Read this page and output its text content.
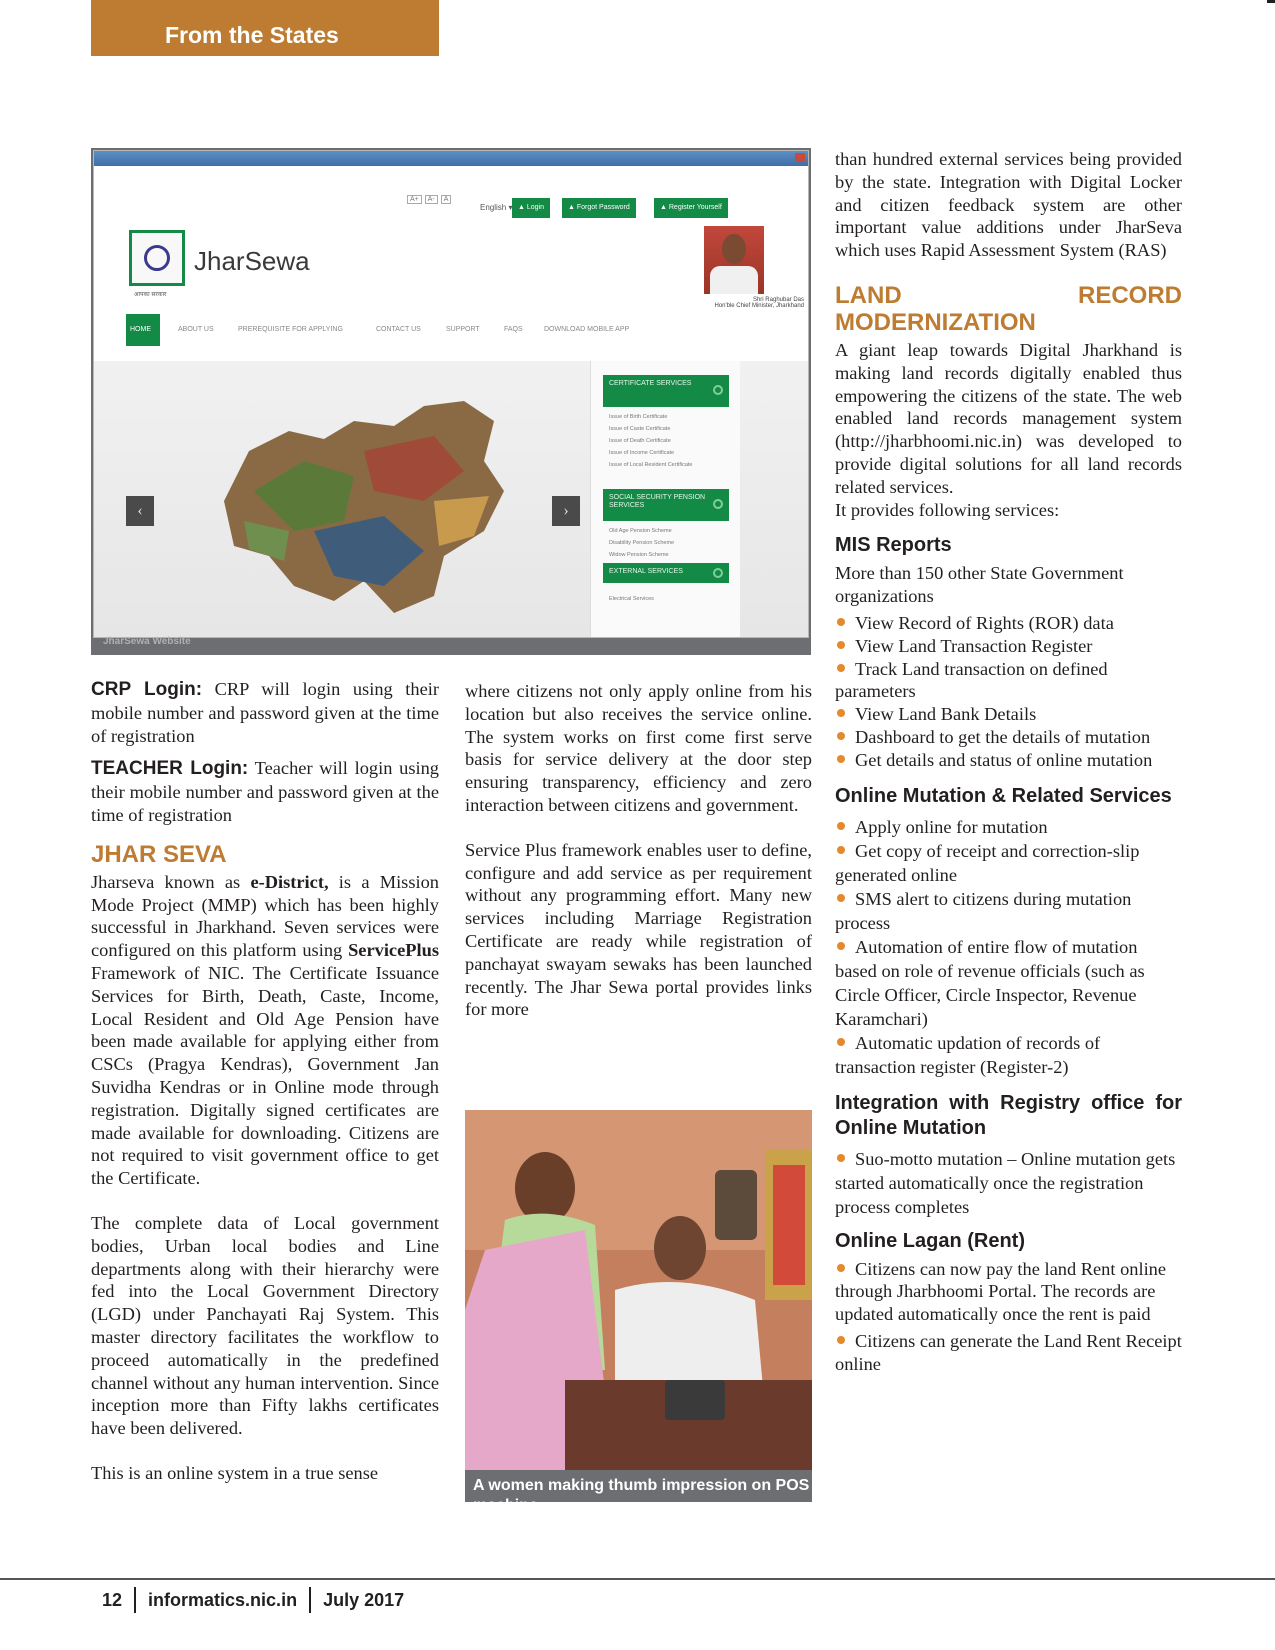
From the States
A+ A- A
English ▾ ▲ Login	▲ Forgot Password	▲ Register Yourself
JharSewa
आपका सरकार
Shri Raghubar Das
Hon'ble Chief Minister, Jharkhand
HOME	ABOUT US	PREREQUISITE FOR APPLYING	CONTACT US	SUPPORT	FAQS	DOWNLOAD MOBILE APP
‹	›
CERTIFICATE SERVICES
Issue of Birth Certificate
Issue of Caste Certificate
Issue of Death Certificate
Issue of Income Certificate
Issue of Local Resident Certificate
SOCIAL SECURITY PENSION SERVICES
Old Age Pension Scheme
Disability Pension Scheme
Widow Pension Scheme
EXTERNAL SERVICES
Electrical Services
JharSewa Website

CRP Login: CRP will login using their mobile number and password given at the time of registration

TEACHER Login: Teacher will login using their mobile number and password given at the time of registration

JHAR SEVA

Jharseva known as e-District, is a Mission Mode Project (MMP) which has been highly successful in Jharkhand. Seven services were configured on this platform using ServicePlus Framework of NIC. The Certificate Issuance Services for Birth, Death, Caste, Income, Local Resident and Old Age Pension have been made available for applying either from CSCs (Pragya Kendras), Government Jan Suvidha Kendras or in Online mode through registration. Digitally signed certificates are made available for downloading. Citizens are not required to visit government office to get the Certificate.

The complete data of Local government bodies, Urban local bodies and Line departments along with their hierarchy were fed into the Local Government Directory (LGD) under Panchayati Raj System. This master directory facilitates the workflow to proceed automatically in the predefined channel without any human intervention. Since inception more than Fifty lakhs certificates have been delivered.

This is an online system in a true sense

where citizens not only apply online from his location but also receives the service online. The system works on first come first serve basis for service delivery at the door step ensuring transparency, efficiency and zero interaction between citizens and government.

Service Plus framework enables user to define, configure and add service as per requirement without any programming effort. Many new services including Marriage Registration Certificate are ready while registration of panchayat swayam sewaks has been launched recently. The Jhar Sewa portal provides links for more

A women making thumb impression on POS machine

than hundred external services being provided by the state. Integration with Digital Locker and citizen feedback system are other important value additions under JharSeva which uses Rapid Assessment System (RAS)

LAND RECORD MODERNIZATION

A giant leap towards Digital Jharkhand is making land records digitally enabled thus empowering the citizens of the state. The web enabled land records management system (http://jharbhoomi.nic.in) was developed to provide digital solutions for all land records related services.

It provides following services:

MIS Reports

More than 150 other State Government organizations

View Record of Rights (ROR) data
View Land Transaction Register
Track Land transaction on defined parameters
View Land Bank Details
Dashboard to get the details of mutation
Get details and status of online mutation
Online Mutation & Related Services
Apply online for mutation
Get copy of receipt and correction-slip generated online
SMS alert to citizens during mutation process
Automation of entire flow of mutation based on role of revenue officials (such as Circle Officer, Circle Inspector, Revenue Karamchari)
Automatic updation of records of transaction register (Register-2)
Integration with Registry office for Online Mutation
Suo-motto mutation – Online mutation gets started automatically once the registration process completes
Online Lagan (Rent)
Citizens can now pay the land Rent online through Jharbhoomi Portal. The records are updated automatically once the rent is paid
Citizens can generate the Land Rent Receipt online
12 informatics.nic.in July 2017
